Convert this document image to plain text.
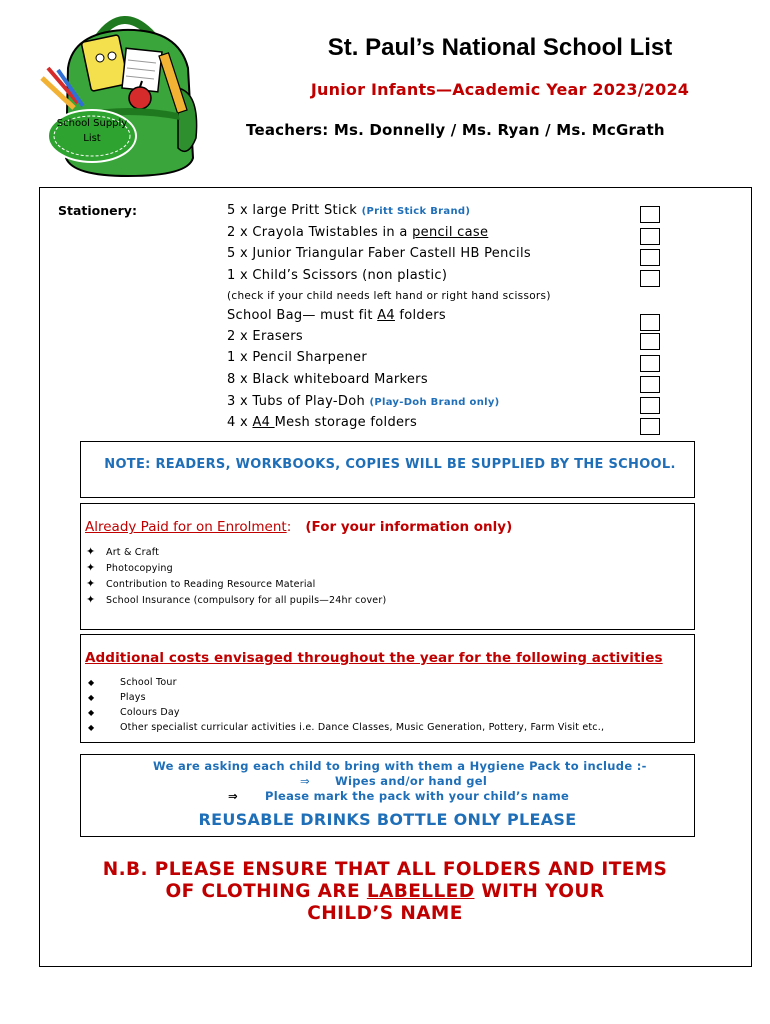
School Supply
List
St. Paul’s National School List
Junior Infants—Academic Year 2023/2024
Teachers: Ms. Donnelly / Ms. Ryan / Ms. McGrath
Stationery:	5 x large Pritt Stick (Pritt Stick Brand)
2 x Crayola Twistables in a pencil case
5 x Junior Triangular Faber Castell HB Pencils
1 x Child’s Scissors (non plastic)
(check if your child needs left hand or right hand scissors)
School Bag— must fit A4 folders
2 x Erasers
1 x Pencil Sharpener
8 x Black whiteboard Markers
3 x Tubs of Play-Doh (Play-Doh Brand only)
4 x A4 Mesh storage folders
NOTE: READERS, WORKBOOKS, COPIES WILL BE SUPPLIED BY THE SCHOOL.
Already Paid for on Enrolment: (For your information only)
✦ Art & Craft
✦ Photocopying
✦ Contribution to Reading Resource Material
✦ School Insurance (compulsory for all pupils—24hr cover)
Additional costs envisaged throughout the year for the following activities
◆	School Tour
◆	Plays
◆	Colours Day
◆	Other specialist curricular activities i.e. Dance Classes, Music Generation, Pottery, Farm Visit etc.,
We are asking each child to bring with them a Hygiene Pack to include :-
⇒ Wipes and/or hand gel
⇒ Please mark the pack with your child’s name
REUSABLE DRINKS BOTTLE ONLY PLEASE
N.B. PLEASE ENSURE THAT ALL FOLDERS AND ITEMS
OF CLOTHING ARE LABELLED WITH YOUR
CHILD’S NAME
